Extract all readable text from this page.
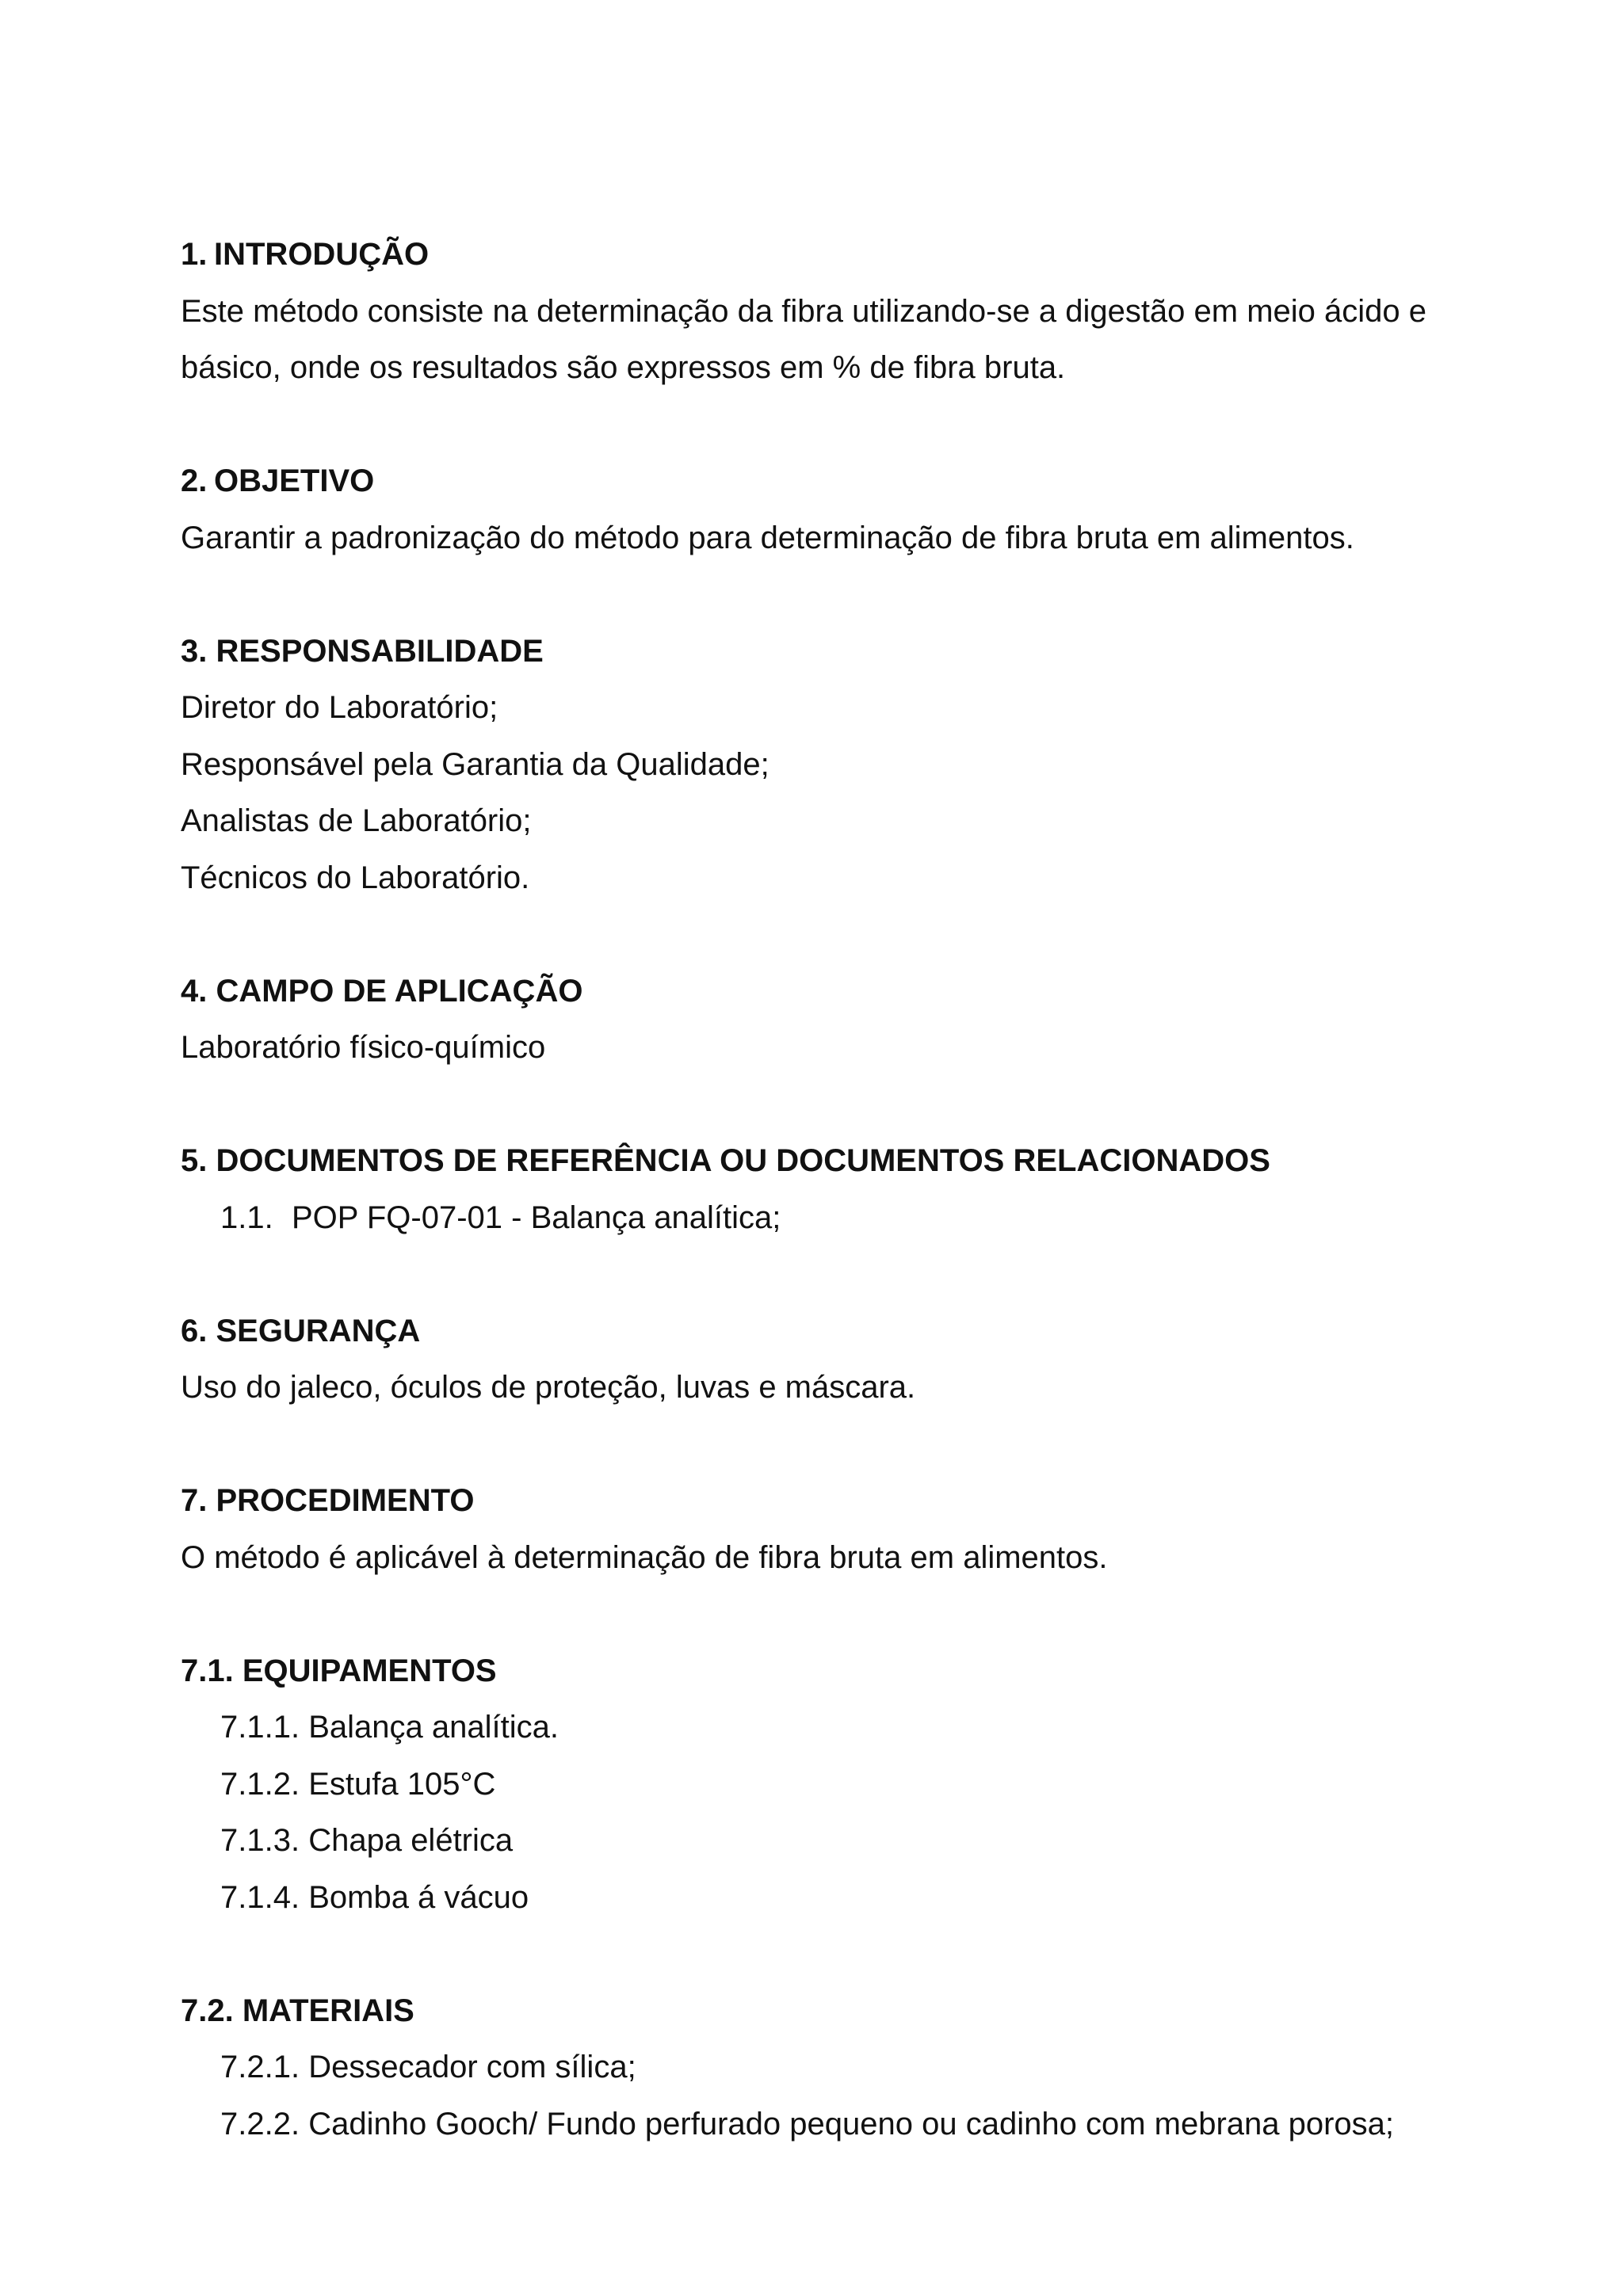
1. INTRODUÇÃO
Este método consiste na determinação da fibra utilizando-se a digestão em meio ácido e
básico, onde os resultados são expressos em % de fibra bruta.
2. OBJETIVO
Garantir a padronização do método para determinação de fibra bruta em alimentos.
3. RESPONSABILIDADE
Diretor do Laboratório;
Responsável pela Garantia da Qualidade;
Analistas de Laboratório;
Técnicos do Laboratório.
4. CAMPO DE APLICAÇÃO
Laboratório físico-químico
5. DOCUMENTOS DE REFERÊNCIA OU DOCUMENTOS RELACIONADOS
1.1. POP FQ-07-01 - Balança analítica;
6. SEGURANÇA
Uso do jaleco, óculos de proteção, luvas e máscara.
7. PROCEDIMENTO
O método é aplicável à determinação de fibra bruta em alimentos.
7.1. EQUIPAMENTOS
7.1.1. Balança analítica.
7.1.2. Estufa 105°C
7.1.3. Chapa elétrica
7.1.4. Bomba á vácuo
7.2. MATERIAIS
7.2.1. Dessecador com sílica;
7.2.2. Cadinho Gooch/ Fundo perfurado pequeno ou cadinho com mebrana porosa;
